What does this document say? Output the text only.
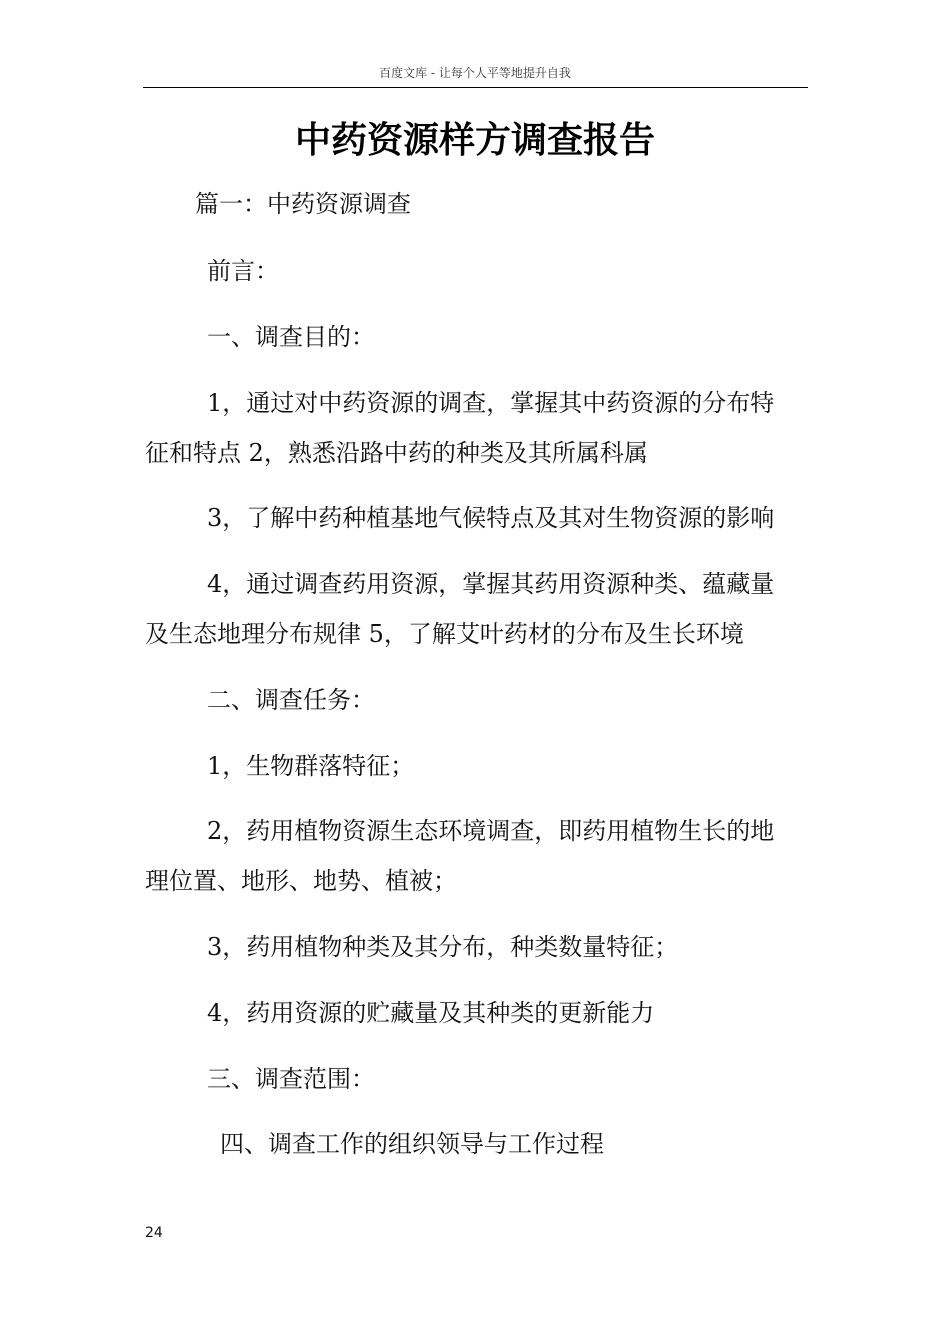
百度文库 - 让每个人平等地提升自我
中药资源样方调查报告
篇一：中药资源调查
前言：
一、调查目的：
1，通过对中药资源的调查，掌握其中药资源的分布特
征和特点 2，熟悉沿路中药的种类及其所属科属
3，了解中药种植基地气候特点及其对生物资源的影响
4，通过调查药用资源，掌握其药用资源种类、蕴藏量
及生态地理分布规律 5，了解艾叶药材的分布及生长环境
二、调查任务：
1，生物群落特征；
2，药用植物资源生态环境调查，即药用植物生长的地
理位置、地形、地势、植被；
3，药用植物种类及其分布，种类数量特征；
4，药用资源的贮藏量及其种类的更新能力
三、调查范围：
四、调查工作的组织领导与工作过程
24
